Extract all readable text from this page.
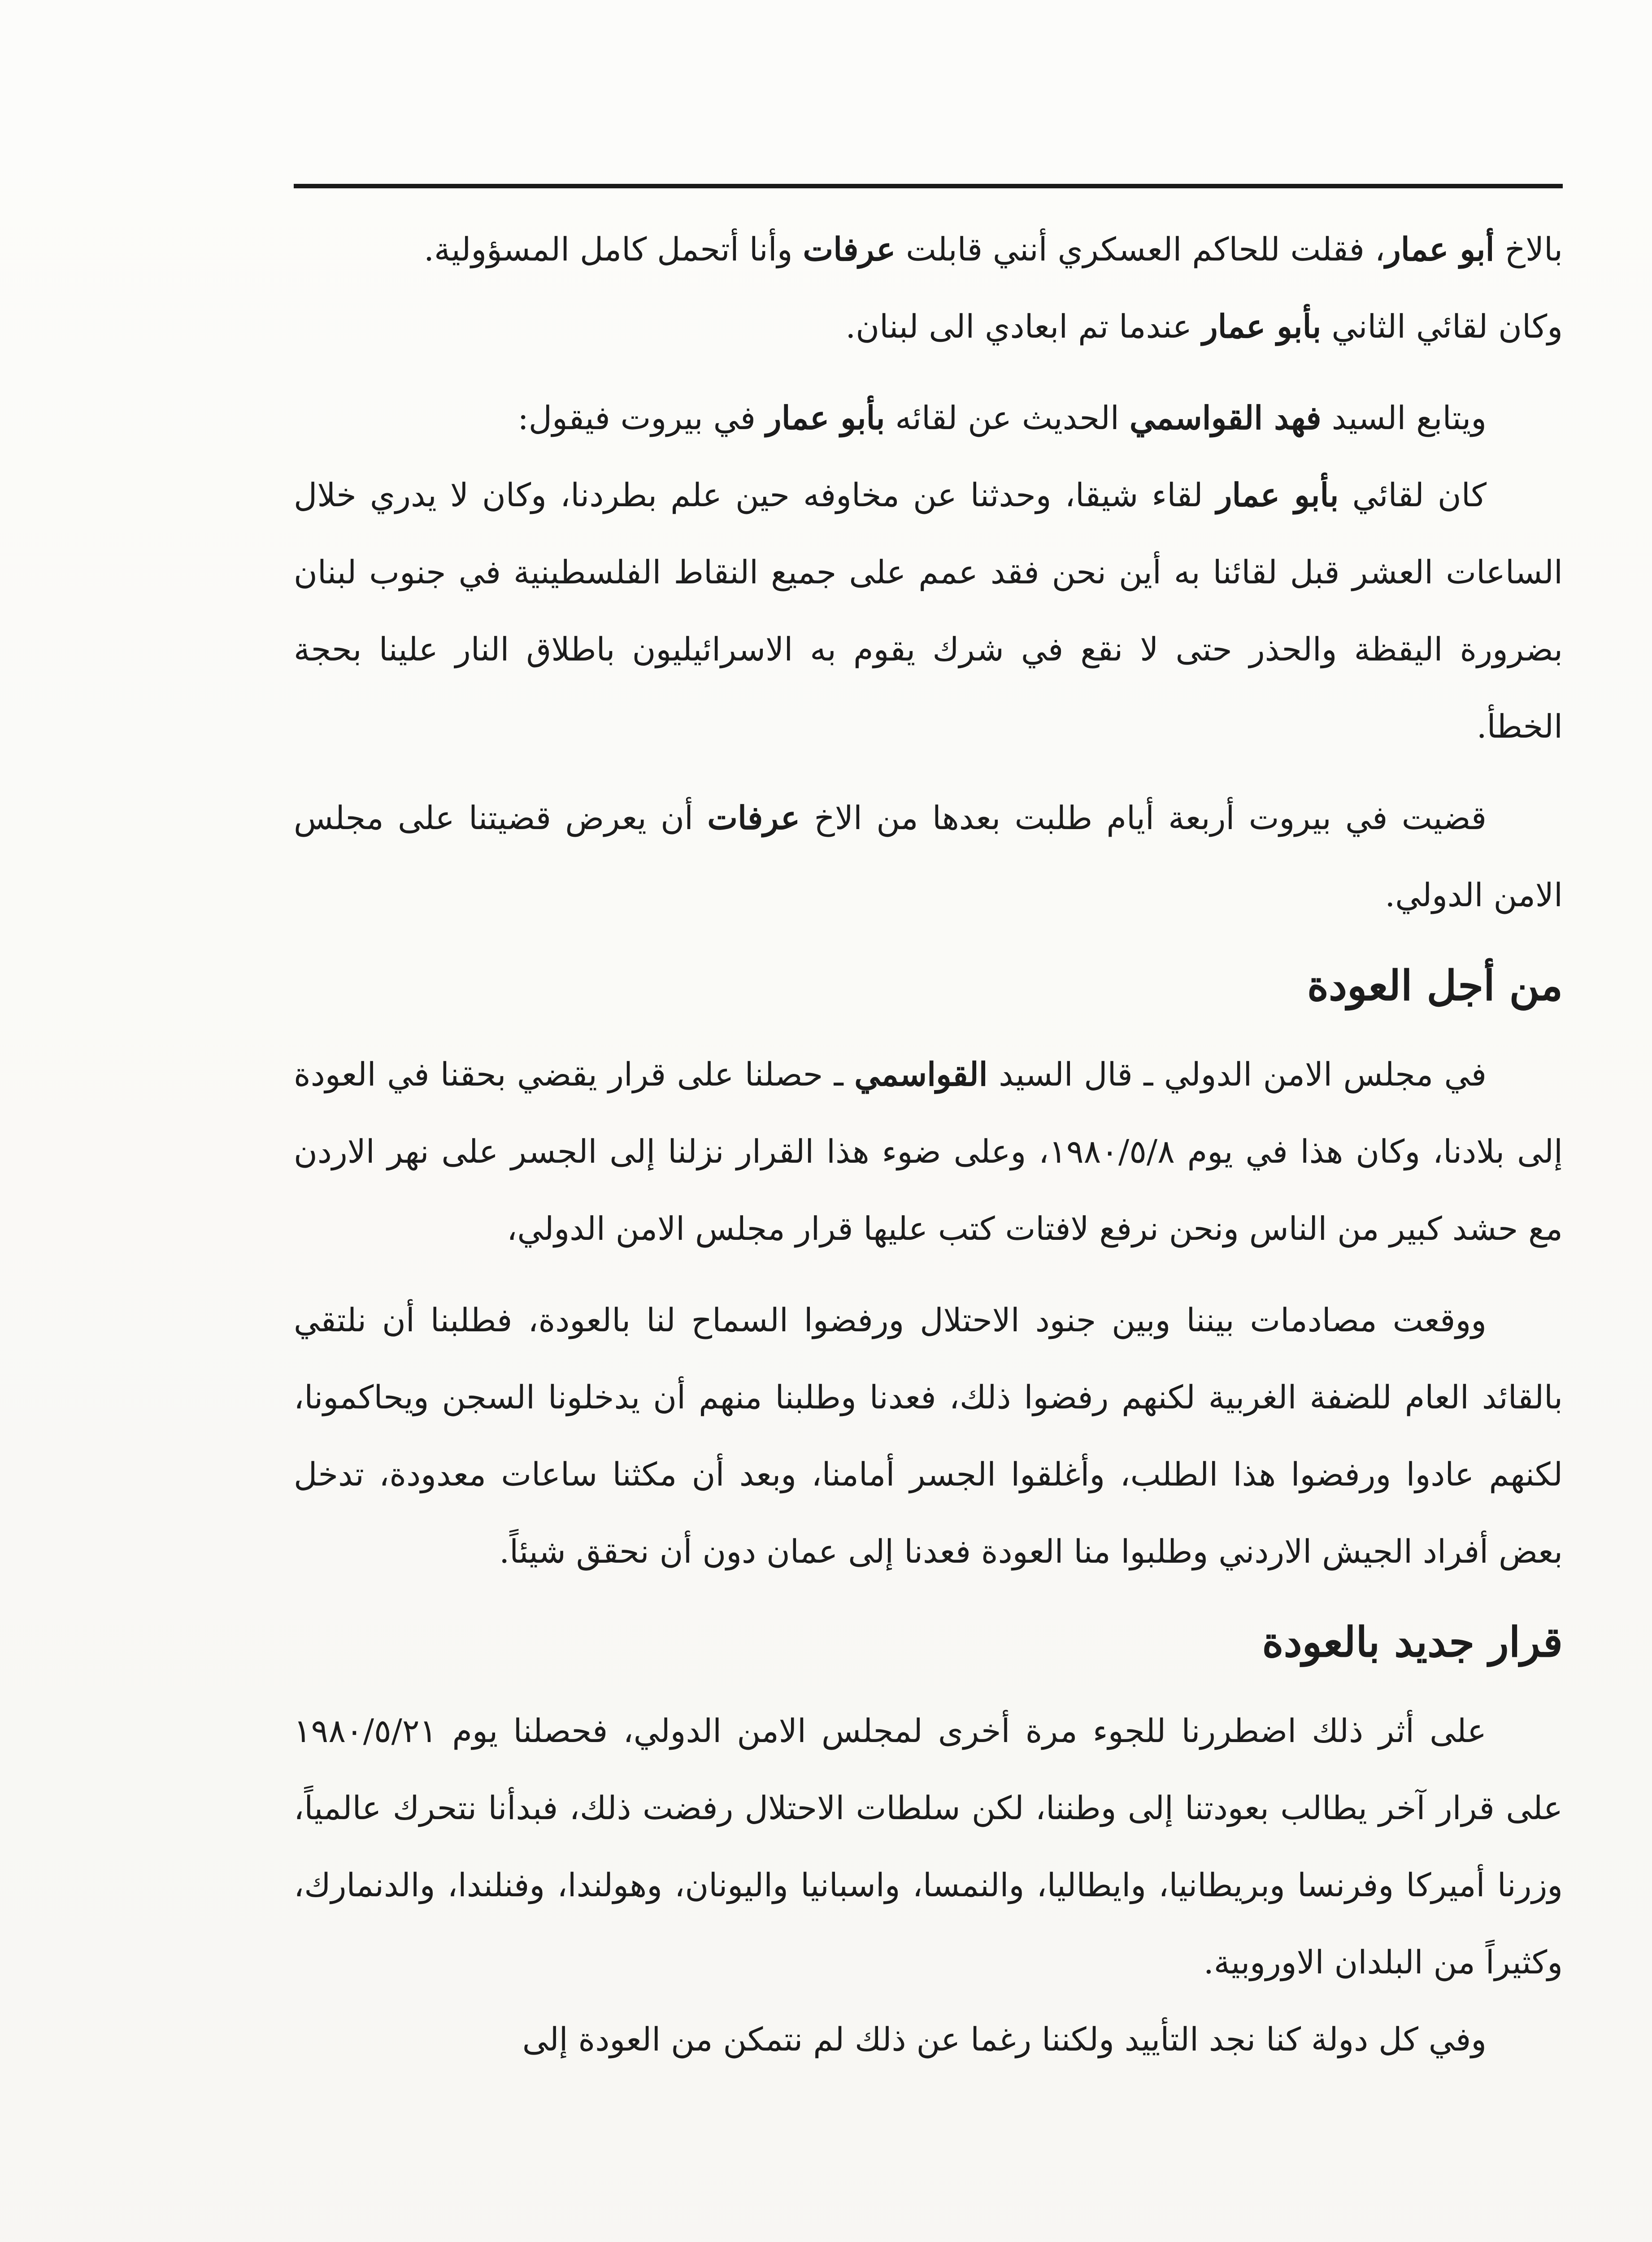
بالاخ أبو عمار، فقلت للحاكم العسكري أنني قابلت عرفات وأنا أتحمل كامل المسؤولية.

وكان لقائي الثاني بأبو عمار عندما تم ابعادي الى لبنان.

ويتابع السيد فهد القواسمي الحديث عن لقائه بأبو عمار في بيروت فيقول:

كان لقائي بأبو عمار لقاء شيقا، وحدثنا عن مخاوفه حين علم بطردنا، وكان لا يدري خلال الساعات العشر قبل لقائنا به أين نحن فقد عمم على جميع النقاط الفلسطينية في جنوب لبنان بضرورة اليقظة والحذر حتى لا نقع في شرك يقوم به الاسرائيليون باطلاق النار علينا بحجة الخطأ.

قضيت في بيروت أربعة أيام طلبت بعدها من الاخ عرفات أن يعرض قضيتنا على مجلس الامن الدولي.

من أجل العودة

في مجلس الامن الدولي ـ قال السيد القواسمي ـ حصلنا على قرار يقضي بحقنا في العودة إلى بلادنا، وكان هذا في يوم ١٩٨٠/٥/٨، وعلى ضوء هذا القرار نزلنا إلى الجسر على نهر الاردن مع حشد كبير من الناس ونحن نرفع لافتات كتب عليها قرار مجلس الامن الدولي،

ووقعت مصادمات بيننا وبين جنود الاحتلال ورفضوا السماح لنا بالعودة، فطلبنا أن نلتقي بالقائد العام للضفة الغربية لكنهم رفضوا ذلك، فعدنا وطلبنا منهم أن يدخلونا السجن ويحاكمونا، لكنهم عادوا ورفضوا هذا الطلب، وأغلقوا الجسر أمامنا، وبعد أن مكثنا ساعات معدودة، تدخل بعض أفراد الجيش الاردني وطلبوا منا العودة فعدنا إلى عمان دون أن نحقق شيئاً.

قرار جديد بالعودة

على أثر ذلك اضطررنا للجوء مرة أخرى لمجلس الامن الدولي، فحصلنا يوم ١٩٨٠/٥/٢١ على قرار آخر يطالب بعودتنا إلى وطننا، لكن سلطات الاحتلال رفضت ذلك، فبدأنا نتحرك عالمياً، وزرنا أميركا وفرنسا وبريطانيا، وايطاليا، والنمسا، واسبانيا واليونان، وهولندا، وفنلندا، والدنمارك، وكثيراً من البلدان الاوروبية.

وفي كل دولة كنا نجد التأييد ولكننا رغما عن ذلك لم نتمكن من العودة إلى
